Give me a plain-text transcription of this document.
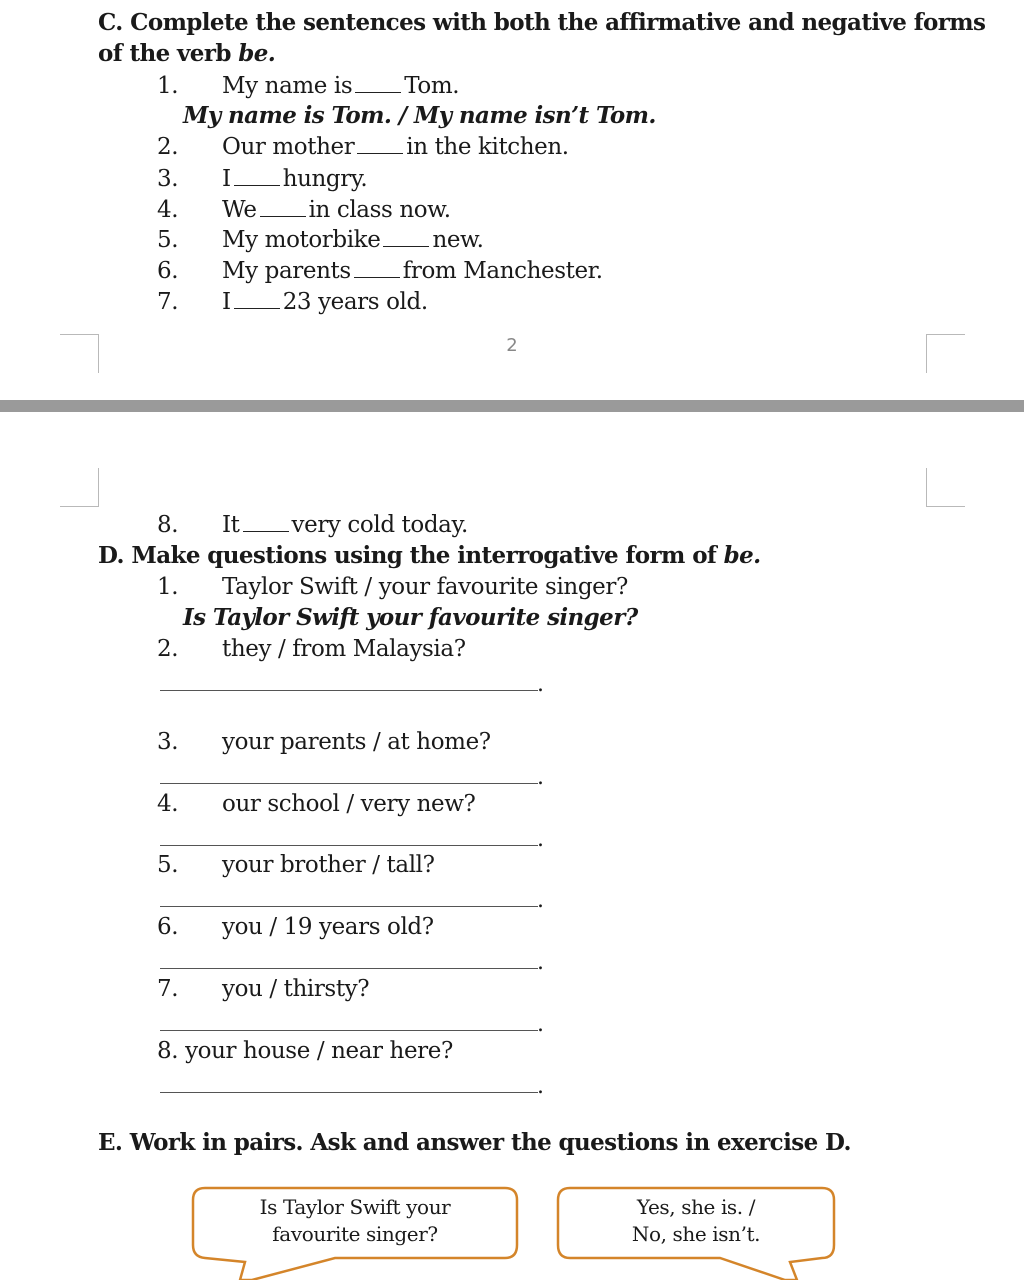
C. Complete the sentences with both the affirmative and negative forms
of the verb be.
1. My name is Tom.
My name is Tom. / My name isn’t Tom.
2. Our mother in the kitchen.
3. I hungry.
4. We in class now.
5. My motorbike new.
6. My parents from Manchester.
7. I 23 years old.
2
8. It very cold today.
D. Make questions using the interrogative form of be.
1. Taylor Swift / your favourite singer?
Is Taylor Swift your favourite singer?
2. they / from Malaysia?
.
3. your parents / at home?
.
4. our school / very new?
.
5. your brother / tall?
.
6. you / 19 years old?
.
7. you / thirsty?
.
8. your house / near here?
.
E. Work in pairs. Ask and answer the questions in exercise D.
Is Taylor Swift your
favourite singer?
Yes, she is. /
No, she isn’t.
